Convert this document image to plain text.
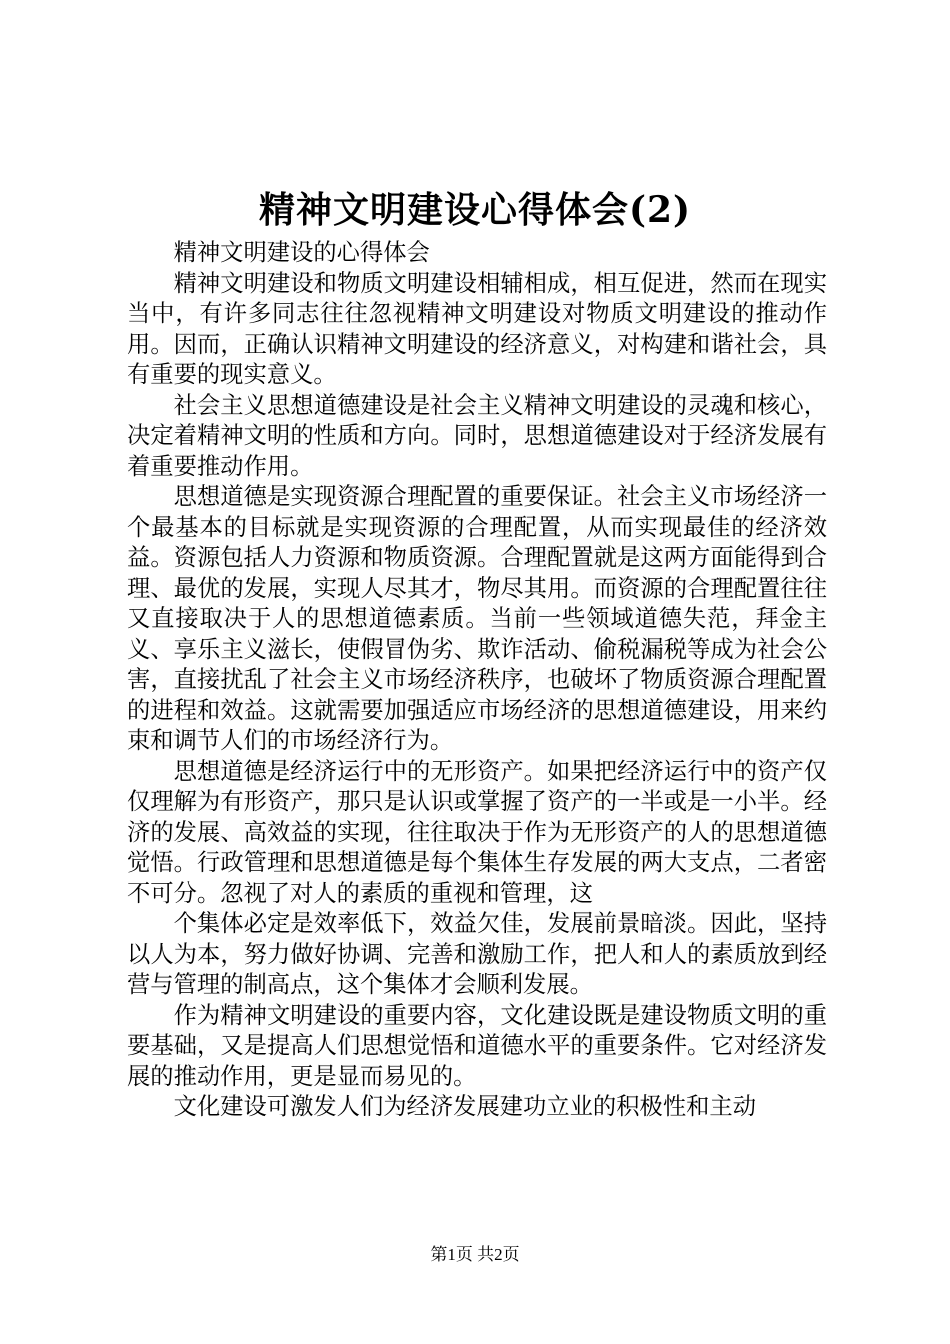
精神文明建设心得体会(2)

精神文明建设的心得体会

精神文明建设和物质文明建设相辅相成，相互促进，然而在现实当中，有许多同志往往忽视精神文明建设对物质文明建设的推动作用。因而，正确认识精神文明建设的经济意义，对构建和谐社会，具有重要的现实意义。

社会主义思想道德建设是社会主义精神文明建设的灵魂和核心，决定着精神文明的性质和方向。同时，思想道德建设对于经济发展有着重要推动作用。

思想道德是实现资源合理配置的重要保证。社会主义市场经济一个最基本的目标就是实现资源的合理配置，从而实现最佳的经济效益。资源包括人力资源和物质资源。合理配置就是这两方面能得到合理、最优的发展，实现人尽其才，物尽其用。而资源的合理配置往往又直接取决于人的思想道德素质。当前一些领域道德失范，拜金主义、享乐主义滋长，使假冒伪劣、欺诈活动、偷税漏税等成为社会公害，直接扰乱了社会主义市场经济秩序，也破坏了物质资源合理配置的进程和效益。这就需要加强适应市场经济的思想道德建设，用来约束和调节人们的市场经济行为。

思想道德是经济运行中的无形资产。如果把经济运行中的资产仅仅理解为有形资产，那只是认识或掌握了资产的一半或是一小半。经济的发展、高效益的实现，往往取决于作为无形资产的人的思想道德觉悟。行政管理和思想道德是每个集体生存发展的两大支点，二者密不可分。忽视了对人的素质的重视和管理，这

个集体必定是效率低下，效益欠佳，发展前景暗淡。因此，坚持以人为本，努力做好协调、完善和激励工作，把人和人的素质放到经营与管理的制高点，这个集体才会顺利发展。

作为精神文明建设的重要内容，文化建设既是建设物质文明的重要基础，又是提高人们思想觉悟和道德水平的重要条件。它对经济发展的推动作用，更是显而易见的。

文化建设可激发人们为经济发展建功立业的积极性和主动

第1页 共2页
